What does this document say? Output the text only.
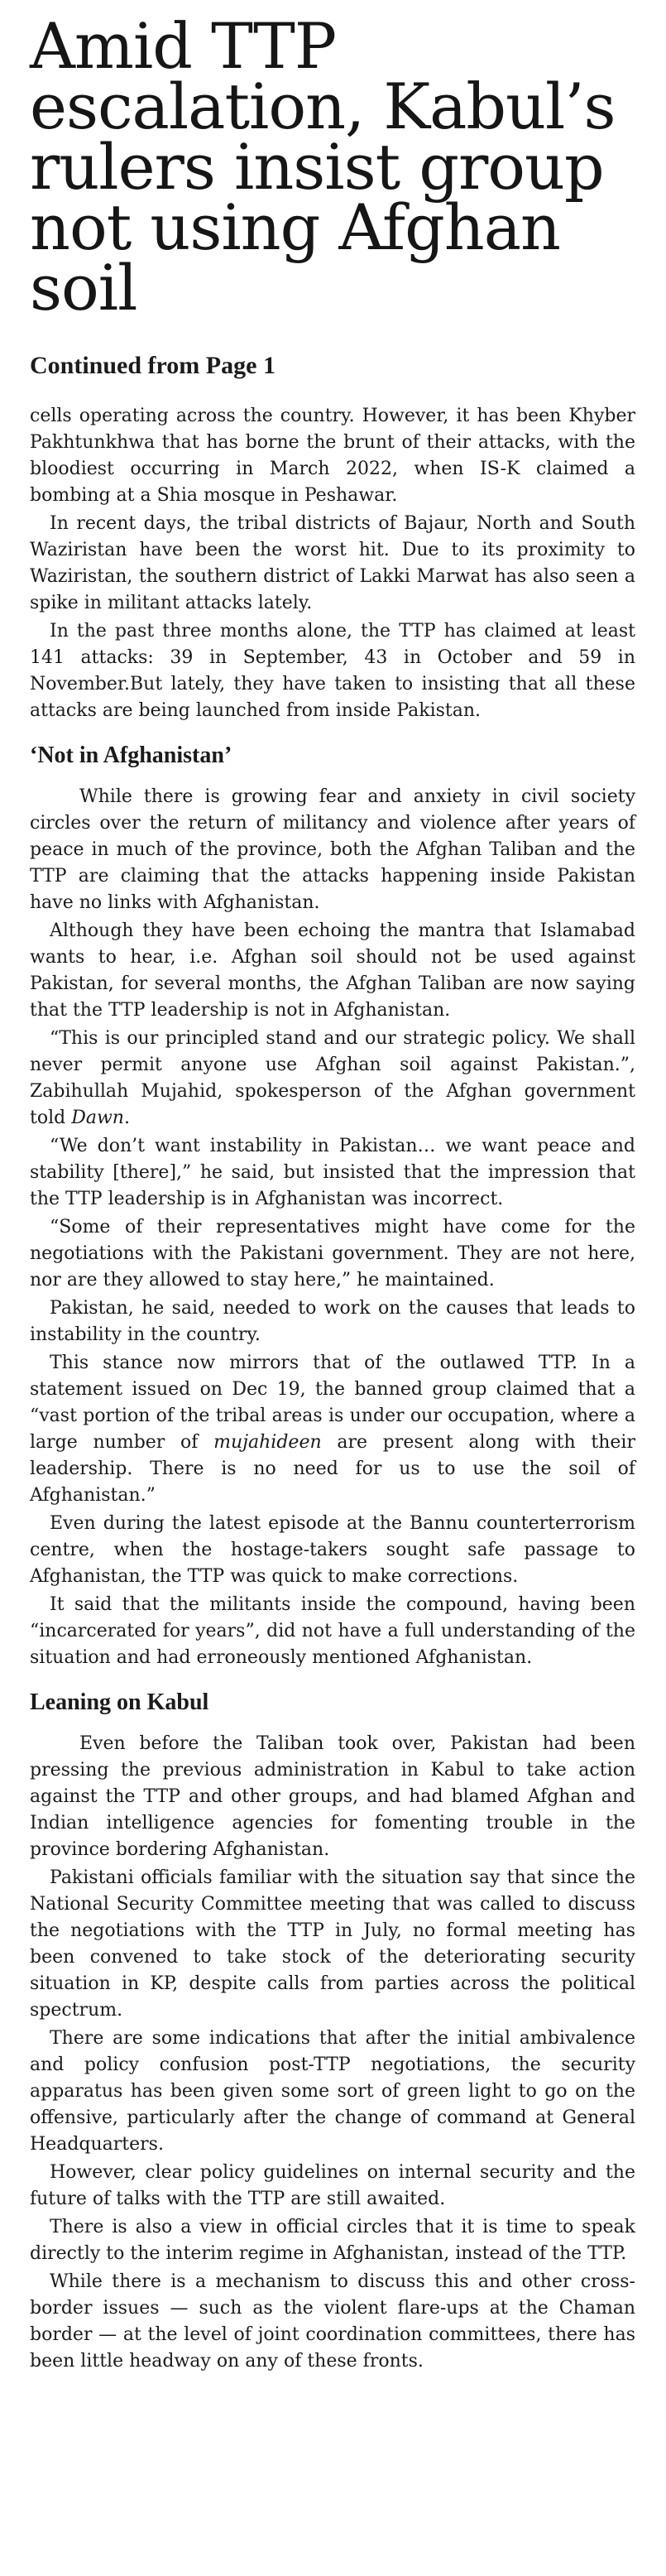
Amid TTP escalation, Kabul’s rulers insist group not using Afghan soil
Continued from Page 1

cells operating across the country. However, it has been Khyber Pakhtunkhwa that has borne the brunt of their attacks, with the bloodiest occurring in March 2022, when IS-K claimed a bombing at a Shia mosque in Peshawar.

In recent days, the tribal districts of Bajaur, North and South Waziristan have been the worst hit. Due to its proximity to Waziristan, the southern district of Lakki Marwat has also seen a spike in militant attacks lately.

In the past three months alone, the TTP has claimed at least 141 attacks: 39 in September, 43 in October and 59 in November.But lately, they have taken to insisting that all these attacks are being launched from inside Pakistan.

‘Not in Afghanistan’

While there is growing fear and anxiety in civil society circles over the return of militancy and violence after years of peace in much of the province, both the Afghan Taliban and the TTP are claiming that the attacks happening inside Pakistan have no links with Afghanistan.

Although they have been echoing the mantra that Islamabad wants to hear, i.e. Afghan soil should not be used against Pakistan, for several months, the Afghan Taliban are now saying that the TTP leadership is not in Afghanistan.

“This is our principled stand and our strategic policy. We shall never permit anyone use Afghan soil against Pakistan.”, Zabihullah Mujahid, spokesperson of the Afghan government told Dawn.

“We don’t want instability in Pakistan… we want peace and stability [there],” he said, but insisted that the impression that the TTP leadership is in Afghanistan was incorrect.

“Some of their representatives might have come for the negotiations with the Pakistani government. They are not here, nor are they allowed to stay here,” he maintained.

Pakistan, he said, needed to work on the causes that leads to instability in the country.

This stance now mirrors that of the outlawed TTP. In a statement issued on Dec 19, the banned group claimed that a “vast portion of the tribal areas is under our occupation, where a large number of mujahideen are present along with their leadership. There is no need for us to use the soil of Afghanistan.”

Even during the latest episode at the Bannu counterterrorism centre, when the hostage-takers sought safe passage to Afghanistan, the TTP was quick to make corrections.

It said that the militants inside the compound, having been “incarcerated for years”, did not have a full understanding of the situation and had erroneously mentioned Afghanistan.

Leaning on Kabul

Even before the Taliban took over, Pakistan had been pressing the previous administration in Kabul to take action against the TTP and other groups, and had blamed Afghan and Indian intelligence agencies for fomenting trouble in the province bordering Afghanistan.

Pakistani officials familiar with the situation say that since the National Security Committee meeting that was called to discuss the negotiations with the TTP in July, no formal meeting has been convened to take stock of the deteriorating security situation in KP, despite calls from parties across the political spectrum.

There are some indications that after the initial ambivalence and policy confusion post-TTP negotiations, the security apparatus has been given some sort of green light to go on the offensive, particularly after the change of command at General Headquarters.

However, clear policy guidelines on internal security and the future of talks with the TTP are still awaited.

There is also a view in official circles that it is time to speak directly to the interim regime in Afghanistan, instead of the TTP.

While there is a mechanism to discuss this and other cross-border issues — such as the violent flare-ups at the Chaman border — at the level of joint coordination committees, there has been little headway on any of these fronts.
